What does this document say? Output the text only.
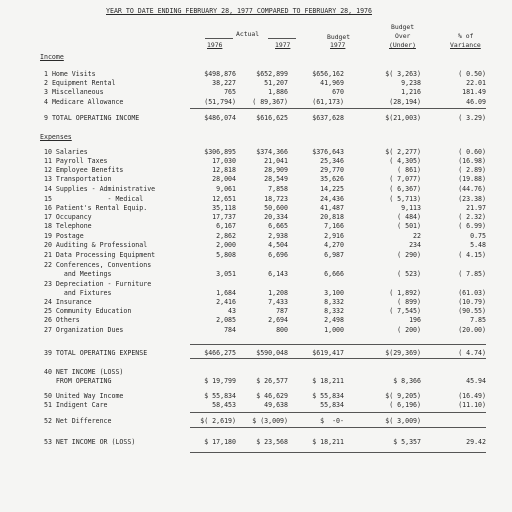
YEAR TO DATE ENDING FEBRUARY 28, 1977 COMPARED TO FEBRUARY 28, 1976
Actual
1976	1977
Budget
1977
Budget
Over
(Under)
% of
Variance
Income
Expenses
1 Home Visits	$498,876	$652,899	$656,162	$( 3,263)	( 0.50)
2 Equipment Rental	38,227	51,207	41,969	9,238	22.01
3 Miscellaneous	765	1,886	670	1,216	181.49
4 Medicare Allowance	(51,794)	( 89,367)	(61,173)	(28,194)	46.09
9 TOTAL OPERATING INCOME	$486,074	$616,625	$637,628	$(21,003)	( 3.29)
10 Salaries	$306,895	$374,366	$376,643	$( 2,277)	( 0.60)
11 Payroll Taxes	17,030	21,041	25,346	( 4,305)	(16.98)
12 Employee Benefits	12,818	28,909	29,770	( 861)	( 2.89)
13 Transportation	28,004	28,549	35,626	( 7,077)	(19.88)
14 Supplies - Administrative	9,061	7,858	14,225	( 6,367)	(44.76)
15              - Medical	12,651	18,723	24,436	( 5,713)	(23.38)
16 Patient's Rental Equip.	35,118	50,600	41,487	9,113	21.97
17 Occupancy	17,737	20,334	20,818	( 484)	( 2.32)
18 Telephone	6,167	6,665	7,166	( 501)	( 6.99)
19 Postage	2,862	2,938	2,916	22	0.75
20 Auditing & Professional	2,000	4,504	4,270	234	5.48
21 Data Processing Equipment	5,808	6,696	6,987	( 290)	( 4.15)
22 Conferences, Conventions
and Meetings	3,051	6,143	6,666	( 523)	( 7.85)
23 Depreciation - Furniture
and Fixtures	1,684	1,208	3,100	( 1,892)	(61.03)
24 Insurance	2,416	7,433	8,332	( 899)	(10.79)
25 Community Education	43	787	8,332	( 7,545)	(90.55)
26 Others	2,085	2,694	2,498	196	7.85
27 Organization Dues	784	800	1,000	( 200)	(20.00)
39 TOTAL OPERATING EXPENSE	$466,275	$590,048	$619,417	$(29,369)	( 4.74)
40 NET INCOME (LOSS)
FROM OPERATING	$ 19,799	$ 26,577	$ 18,211	$ 8,366	45.94
50 United Way Income	$ 55,834	$ 46,629	$ 55,834	$( 9,205)	(16.49)
51 Indigent Care	58,453	49,638	55,834	( 6,196)	(11.10)
52 Net Difference	$( 2,619)	$ (3,009)	$  -0-	$( 3,009)
53 NET INCOME OR (LOSS)	$ 17,180	$ 23,568	$ 18,211	$ 5,357	29.42
